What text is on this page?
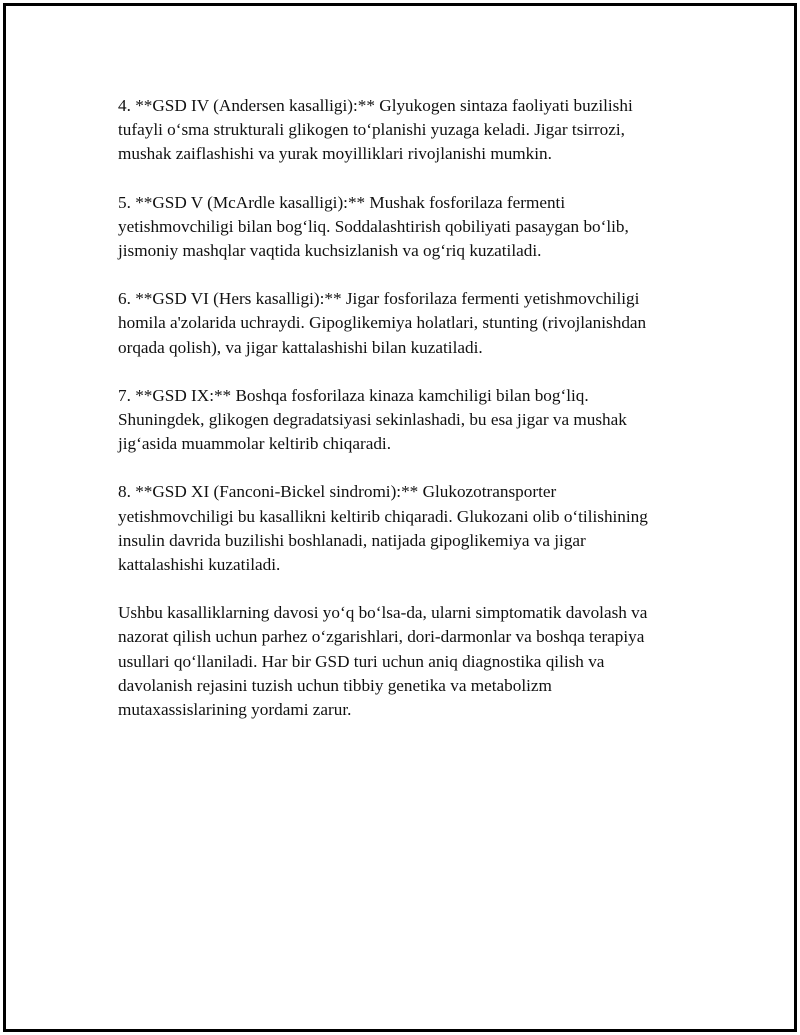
4. **GSD IV (Andersen kasalligi):** Glyukogen sintaza faoliyati buzilishi
tufayli o‘sma strukturali glikogen to‘planishi yuzaga keladi. Jigar tsirrozi,
mushak zaiflashishi va yurak moyilliklari rivojlanishi mumkin.

5. **GSD V (McArdle kasalligi):** Mushak fosforilaza fermenti
yetishmovchiligi bilan bog‘liq. Soddalashtirish qobiliyati pasaygan bo‘lib,
jismoniy mashqlar vaqtida kuchsizlanish va og‘riq kuzatiladi.

6. **GSD VI (Hers kasalligi):** Jigar fosforilaza fermenti yetishmovchiligi
homila a'zolarida uchraydi. Gipoglikemiya holatlari, stunting (rivojlanishdan
orqada qolish), va jigar kattalashishi bilan kuzatiladi.

7. **GSD IX:** Boshqa fosforilaza kinaza kamchiligi bilan bog‘liq.
Shuningdek, glikogen degradatsiyasi sekinlashadi, bu esa jigar va mushak
jig‘asida muammolar keltirib chiqaradi.

8. **GSD XI (Fanconi-Bickel sindromi):** Glukozotransporter
yetishmovchiligi bu kasallikni keltirib chiqaradi. Glukozani olib o‘tilishining
insulin davrida buzilishi boshlanadi, natijada gipoglikemiya va jigar
kattalashishi kuzatiladi.

Ushbu kasalliklarning davosi yo‘q bo‘lsa-da, ularni simptomatik davolash va
nazorat qilish uchun parhez o‘zgarishlari, dori-darmonlar va boshqa terapiya
usullari qo‘llaniladi. Har bir GSD turi uchun aniq diagnostika qilish va
davolanish rejasini tuzish uchun tibbiy genetika va metabolizm
mutaxassislarining yordami zarur.
